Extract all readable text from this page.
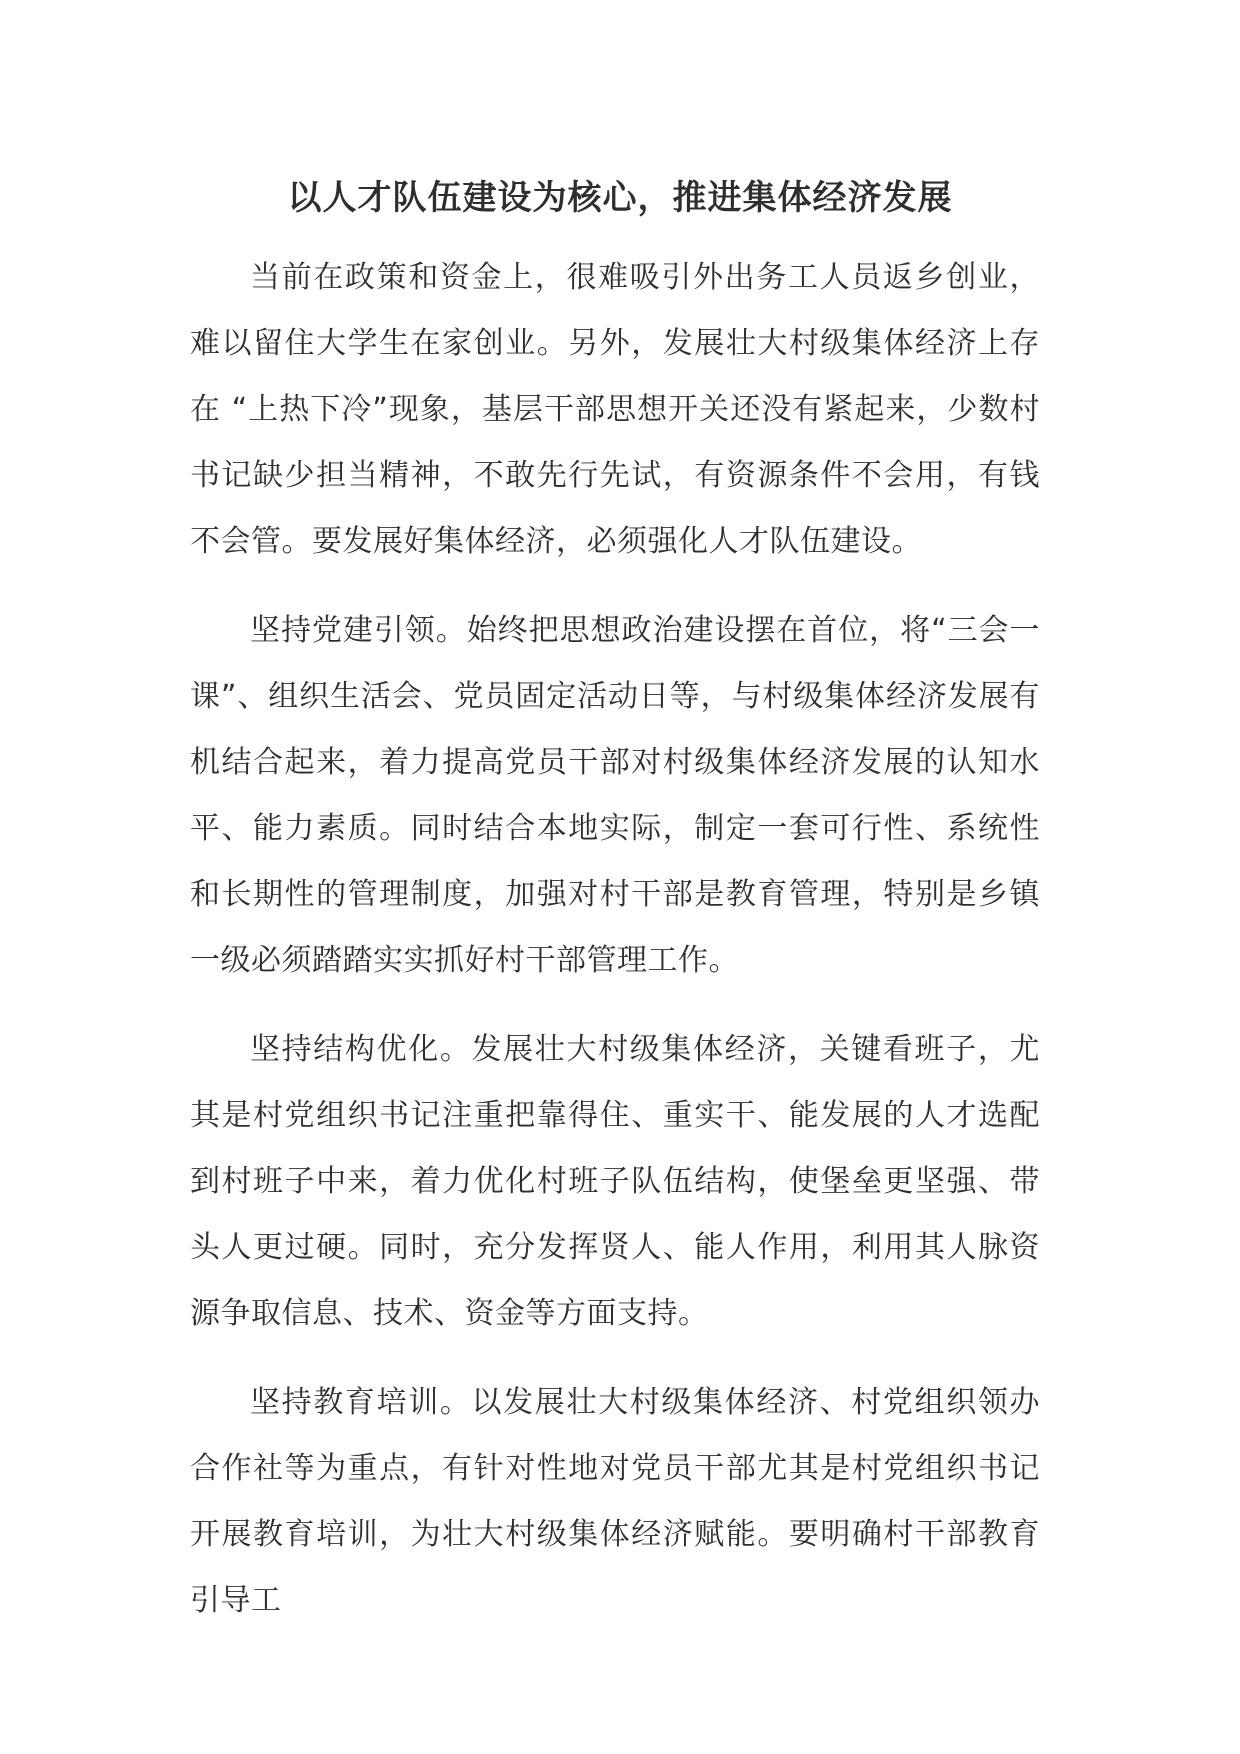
以人才队伍建设为核心，推进集体经济发展

当前在政策和资金上，很难吸引外出务工人员返乡创业，难以留住大学生在家创业。另外，发展壮大村级集体经济上存在 “上热下冷”现象，基层干部思想开关还没有紧起来，少数村书记缺少担当精神，不敢先行先试，有资源条件不会用，有钱不会管。要发展好集体经济，必须强化人才队伍建设。

坚持党建引领。始终把思想政治建设摆在首位，将“三会一课”、组织生活会、党员固定活动日等，与村级集体经济发展有机结合起来，着力提高党员干部对村级集体经济发展的认知水平、能力素质。同时结合本地实际，制定一套可行性、系统性和长期性的管理制度，加强对村干部是教育管理，特别是乡镇一级必须踏踏实实抓好村干部管理工作。

坚持结构优化。发展壮大村级集体经济，关键看班子，尤其是村党组织书记注重把靠得住、重实干、能发展的人才选配到村班子中来，着力优化村班子队伍结构，使堡垒更坚强、带头人更过硬。同时，充分发挥贤人、能人作用，利用其人脉资源争取信息、技术、资金等方面支持。

坚持教育培训。以发展壮大村级集体经济、村党组织领办合作社等为重点，有针对性地对党员干部尤其是村党组织书记开展教育培训，为壮大村级集体经济赋能。要明确村干部教育引导工
